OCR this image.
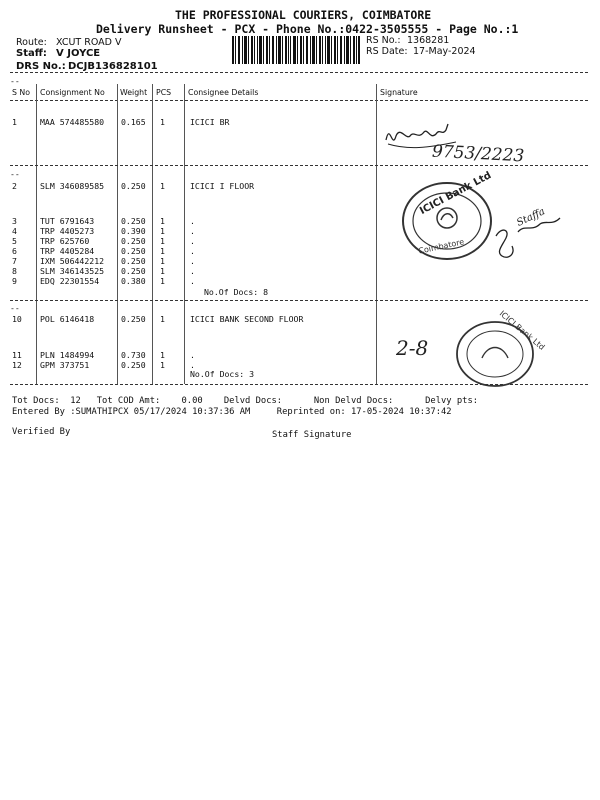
THE PROFESSIONAL COURIERS, COIMBATORE
Delivery Runsheet - PCX - Phone No.:0422-3505555 - Page No.:1
Route: XCUT ROAD V
Staff: V JOYCE
DRS No.: DCJB136828101
RS No.: 1368281
RS Date: 17-May-2024
--
S No Consignment No Weight PCS Consignee Details	Signature
1	MAA 574485580 0.165 1	ICICI BR
--
2	SLM 346089585 0.250 1	ICICI I FLOOR
3	TUT 6791643	0.250 1	.
4	TRP 4405273	0.390 1	.
5	TRP 625760	0.250 1	.
6	TRP 4405284	0.250 1	.
7	IXM 506442212 0.250 1	.
8	SLM 346143525 0.250 1	.
9	EDQ 22301554	0.380 1	.
No.Of Docs: 8
--
10 POL 6146418	0.250 1	ICICI BANK SECOND FLOOR
11 PLN 1484994	0.730 1	.
12 GPM 373751	0.250 1	.
No.Of Docs: 3
9753/2223
ICICI Bank Ltd
Coimbatore
Staffa
ICICI Bank Ltd
2-8
Tot Docs:  12   Tot COD Amt:    0.00    Delvd Docs:      Non Delvd Docs:      Delvy pts:
Entered By :SUMATHIPCX 05/17/2024 10:37:36 AM     Reprinted on: 17-05-2024 10:37:42
Verified By	Staff Signature
